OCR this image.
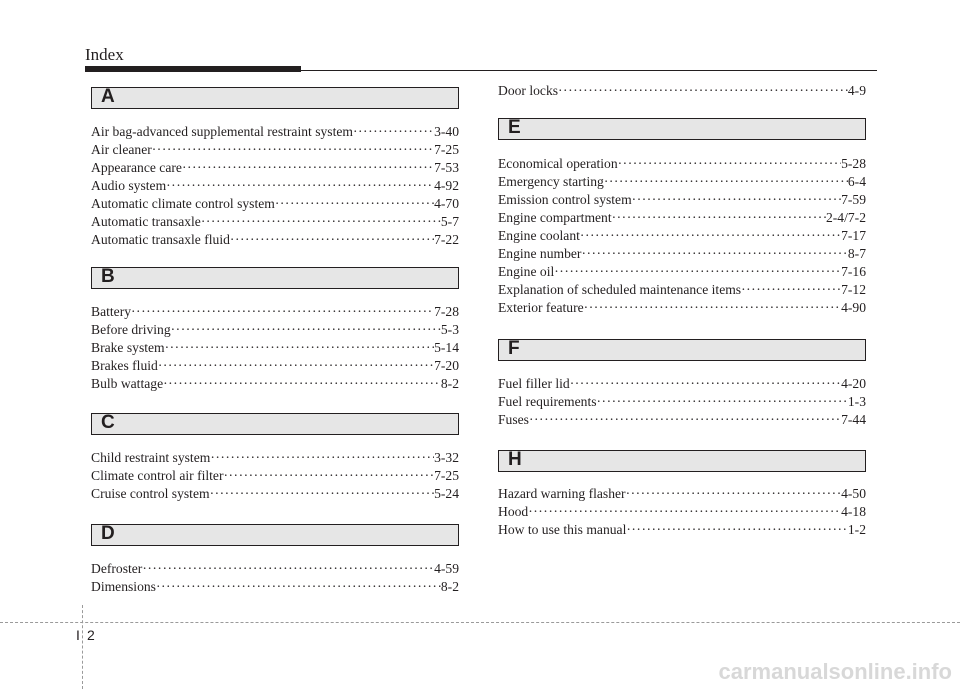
Index
A
Air bag-advanced supplemental restraint system ·····	3-40
Air cleaner ·····	7-25
Appearance care ·····	7-53
Audio system ·····	4-92
Automatic climate control system ·····	4-70
Automatic transaxle ·····	5-7
Automatic transaxle fluid ·····	7-22
B
Battery ·····	7-28
Before driving ·····	5-3
Brake system ·····	5-14
Brakes fluid ·····	7-20
Bulb wattage ·····	8-2
C
Child restraint system ·····	3-32
Climate control air filter ·····	7-25
Cruise control system ·····	5-24
D
Defroster ·····	4-59
Dimensions ·····	8-2
Door locks ·····	4-9
E
Economical operation ·····	5-28
Emergency starting ·····	6-4
Emission control system ·····	7-59
Engine compartment ·····	2-4/7-2
Engine coolant ·····	7-17
Engine number ·····	8-7
Engine oil ·····	7-16
Explanation of scheduled maintenance items ·····	7-12
Exterior feature ·····	4-90
F
Fuel filler lid ·····	4-20
Fuel requirements ·····	1-3
Fuses ·····	7-44
H
Hazard warning flasher ·····	4-50
Hood ·····	4-18
How to use this manual ·····	1-2
I 2
carmanualsonline.info
